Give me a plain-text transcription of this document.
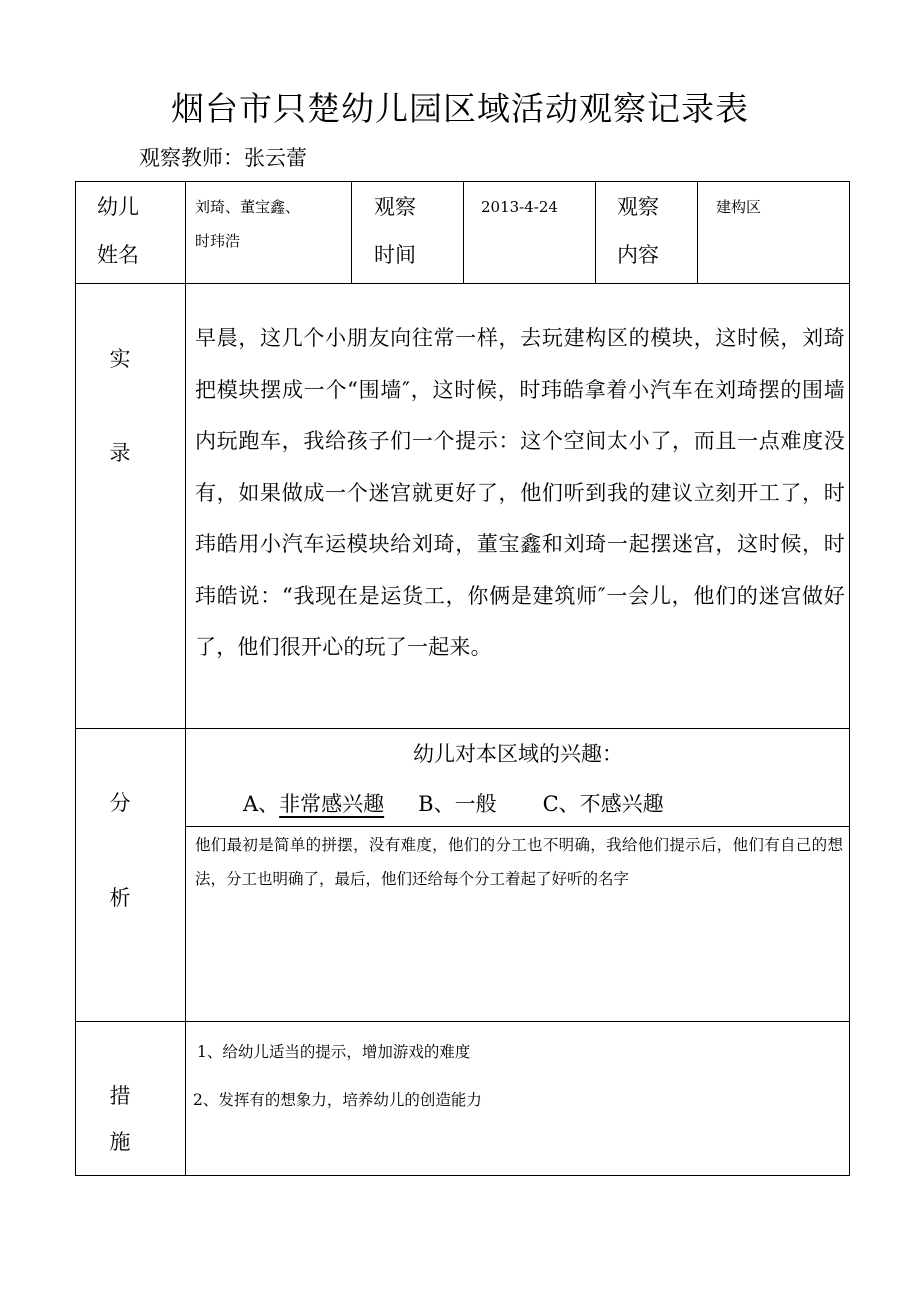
烟台市只楚幼儿园区域活动观察记录表
观察教师：张云蕾
幼儿
姓名
刘琦、董宝鑫、
时玮浩
观察
时间
2013-4-24	观察
内容
建构区
实
录
早晨，这几个小朋友向往常一样，去玩建构区的模块，这时候，刘琦把模块摆成一个“围墙″，这时候，时玮皓拿着小汽车在刘琦摆的围墙内玩跑车，我给孩子们一个提示：这个空间太小了，而且一点难度没有，如果做成一个迷宫就更好了，他们听到我的建议立刻开工了，时玮皓用小汽车运模块给刘琦，董宝鑫和刘琦一起摆迷宫，这时候，时玮皓说：“我现在是运货工，你俩是建筑师″一会儿，他们的迷宫做好了，他们很开心的玩了一起来。
分
析
幼儿对本区域的兴趣：
A、非常感兴趣 B、一般 C、不感兴趣
他们最初是简单的拼摆，没有难度，他们的分工也不明确，我给他们提示后，他们有自己的想法，分工也明确了，最后，他们还给每个分工着起了好听的名字
措
施
1、给幼儿适当的提示，增加游戏的难度
2、发挥有的想象力，培养幼儿的创造能力
